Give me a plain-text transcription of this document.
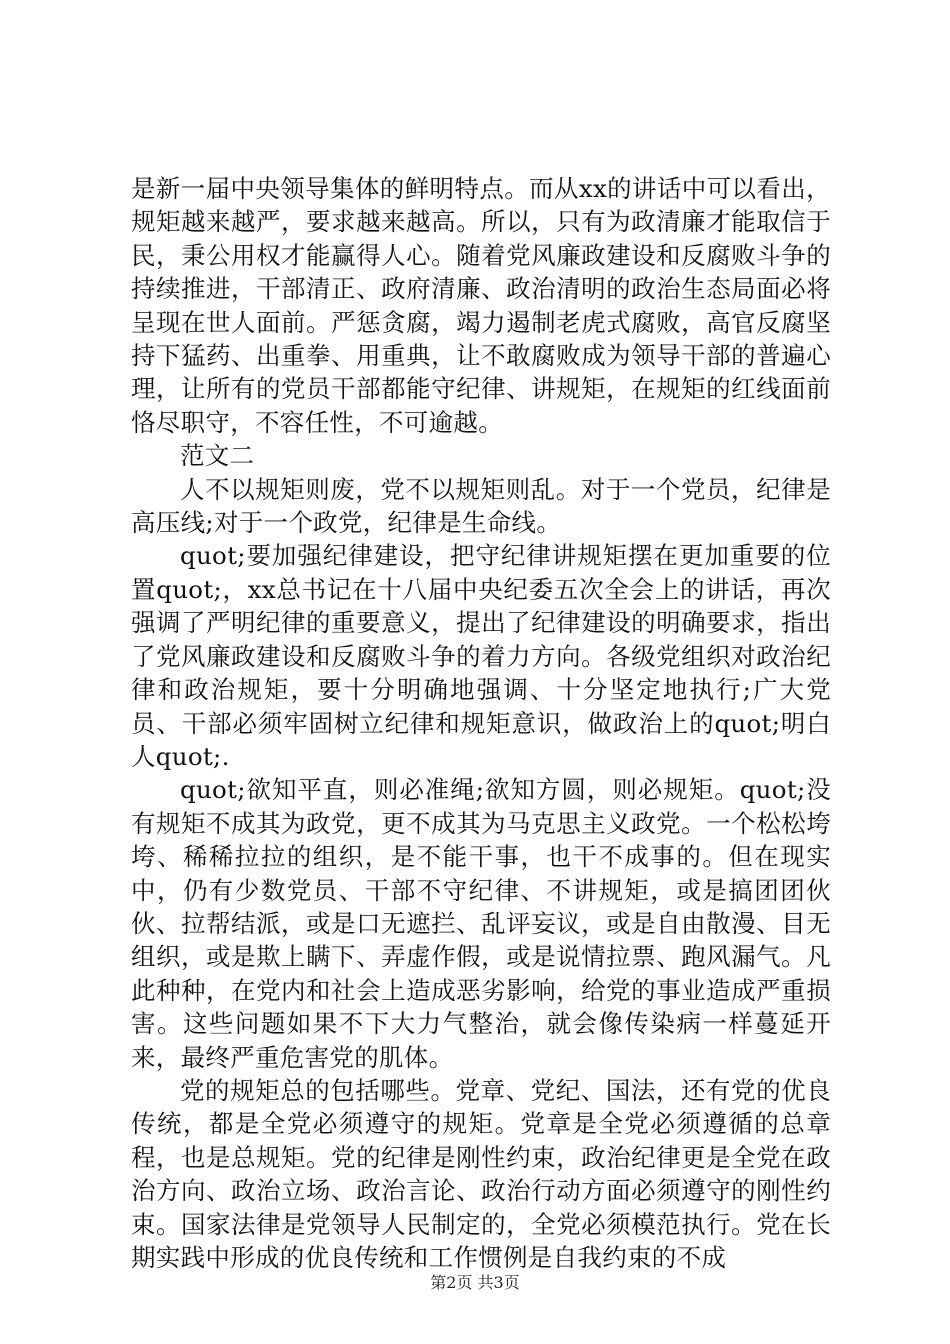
是新一届中央领导集体的鲜明特点。而从xx的讲话中可以看出，规矩越来越严，要求越来越高。所以，只有为政清廉才能取信于民，秉公用权才能赢得人心。随着党风廉政建设和反腐败斗争的持续推进，干部清正、政府清廉、政治清明的政治生态局面必将呈现在世人面前。严惩贪腐，竭力遏制老虎式腐败，高官反腐坚持下猛药、出重拳、用重典，让不敢腐败成为领导干部的普遍心理，让所有的党员干部都能守纪律、讲规矩，在规矩的红线面前恪尽职守，不容任性，不可逾越。

范文二

人不以规矩则废，党不以规矩则乱。对于一个党员，纪律是高压线;对于一个政党，纪律是生命线。

quot;要加强纪律建设，把守纪律讲规矩摆在更加重要的位置quot;，xx总书记在十八届中央纪委五次全会上的讲话，再次强调了严明纪律的重要意义，提出了纪律建设的明确要求，指出了党风廉政建设和反腐败斗争的着力方向。各级党组织对政治纪律和政治规矩，要十分明确地强调、十分坚定地执行;广大党员、干部必须牢固树立纪律和规矩意识，做政治上的quot;明白人quot;.

quot;欲知平直，则必准绳;欲知方圆，则必规矩。quot;没有规矩不成其为政党，更不成其为马克思主义政党。一个松松垮垮、稀稀拉拉的组织，是不能干事，也干不成事的。但在现实中，仍有少数党员、干部不守纪律、不讲规矩，或是搞团团伙伙、拉帮结派，或是口无遮拦、乱评妄议，或是自由散漫、目无组织，或是欺上瞒下、弄虚作假，或是说情拉票、跑风漏气。凡此种种，在党内和社会上造成恶劣影响，给党的事业造成严重损害。这些问题如果不下大力气整治，就会像传染病一样蔓延开来，最终严重危害党的肌体。

党的规矩总的包括哪些。党章、党纪、国法，还有党的优良传统，都是全党必须遵守的规矩。党章是全党必须遵循的总章程，也是总规矩。党的纪律是刚性约束，政治纪律更是全党在政治方向、政治立场、政治言论、政治行动方面必须遵守的刚性约束。国家法律是党领导人民制定的，全党必须模范执行。党在长期实践中形成的优良传统和工作惯例是自我约束的不成

第2页 共3页
